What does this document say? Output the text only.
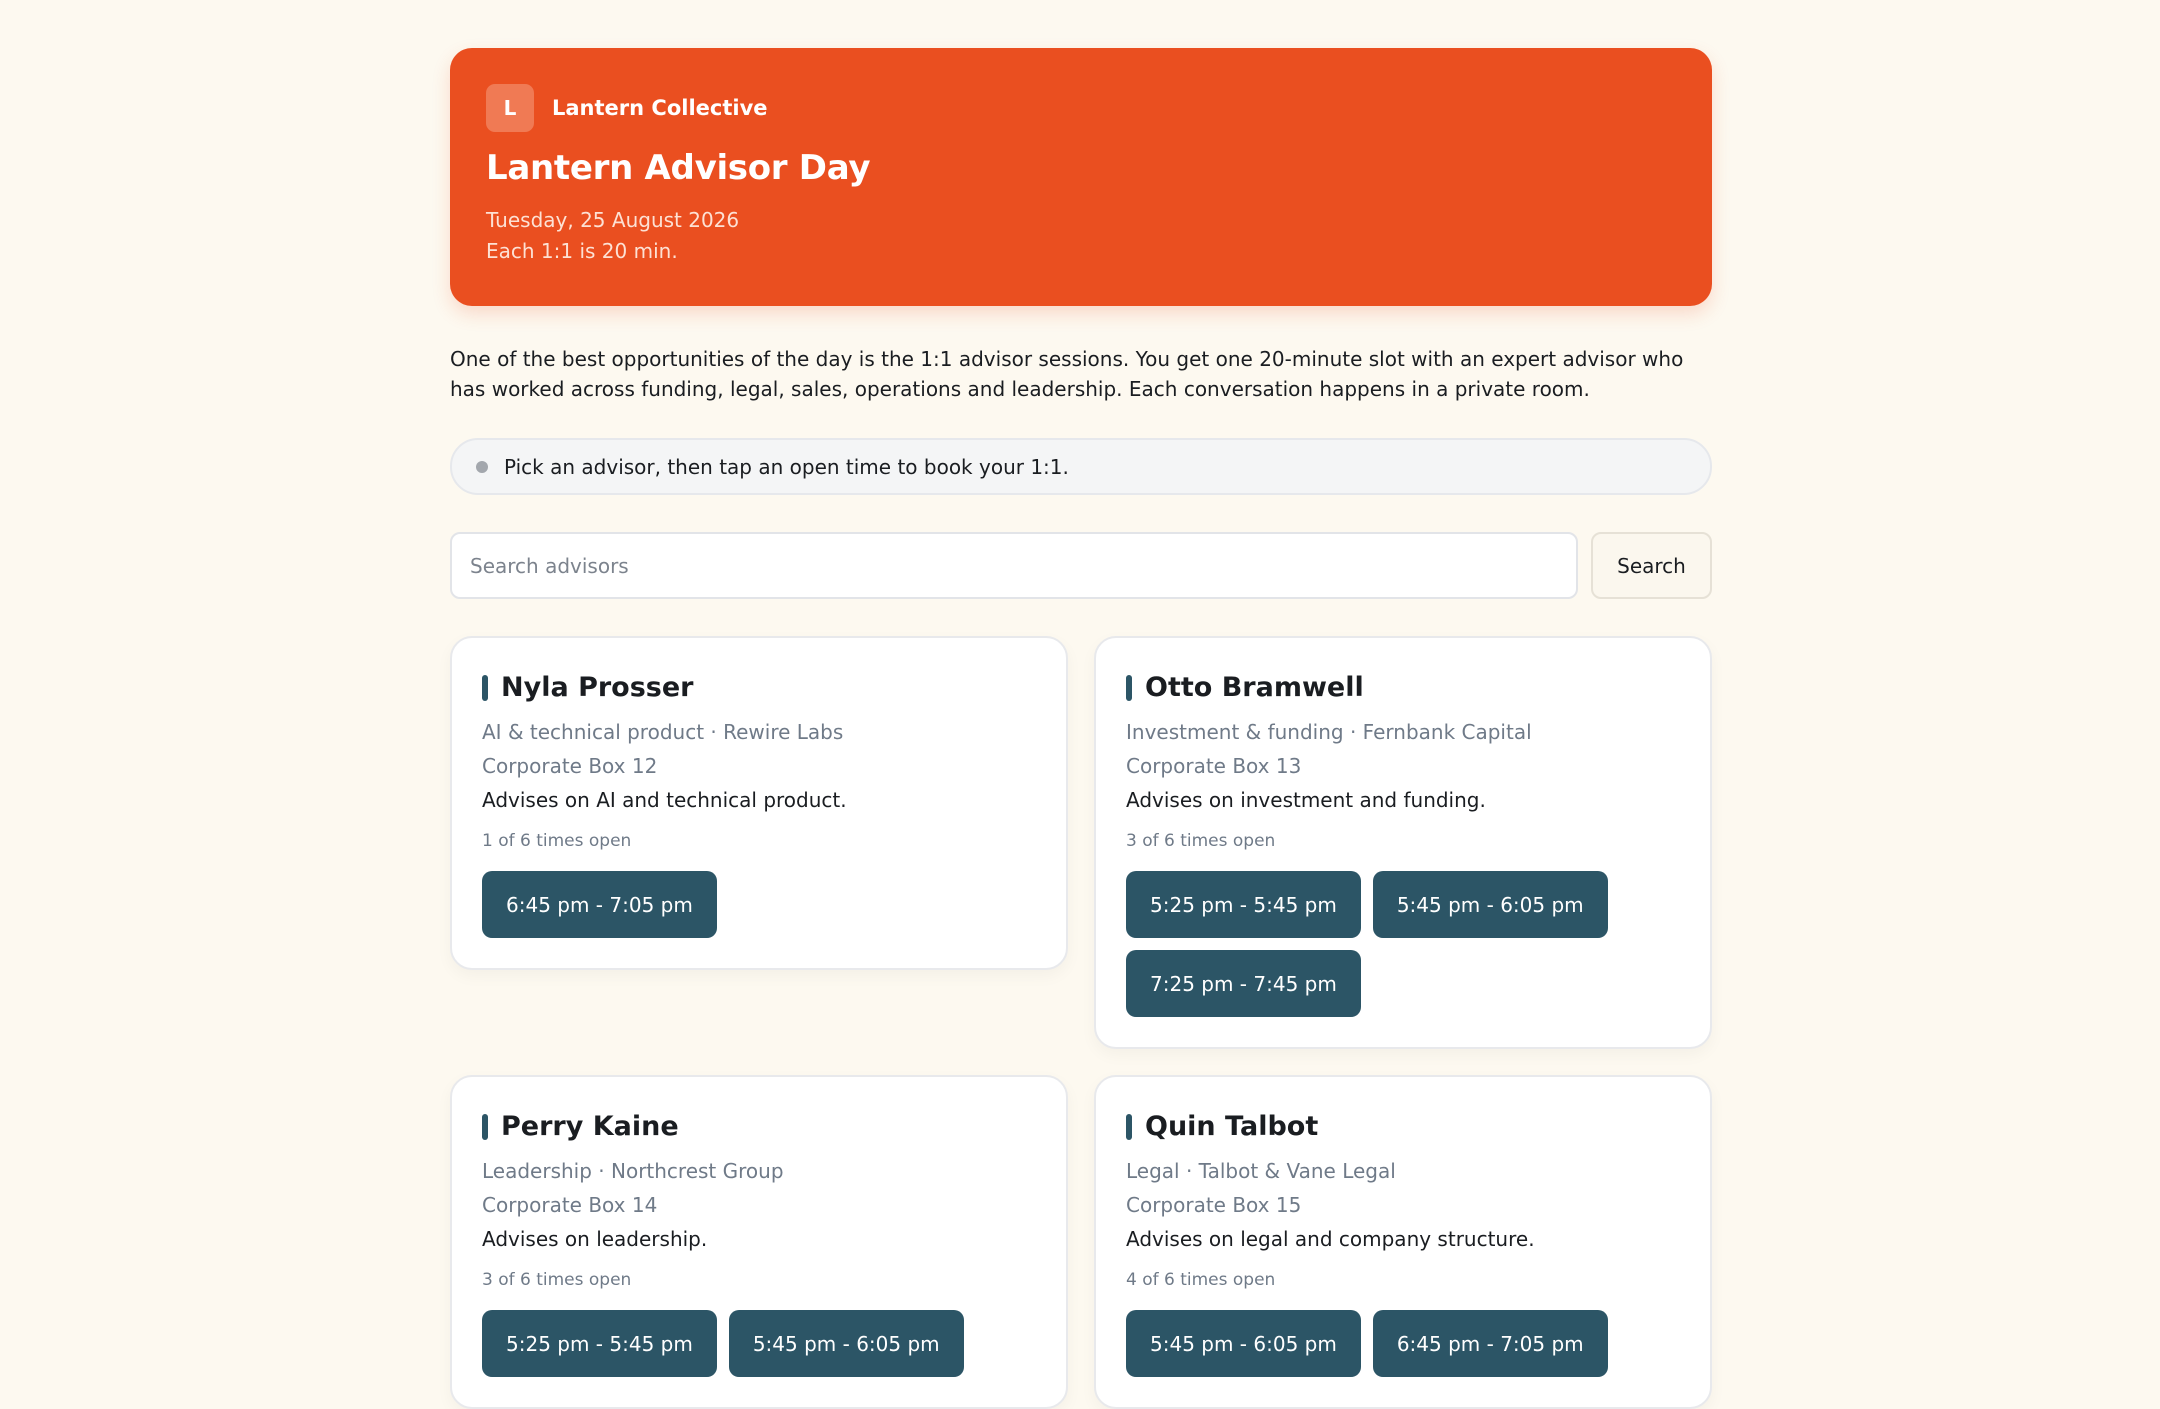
L	Lantern Collective
Lantern Advisor Day
Tuesday, 25 August 2026
Each 1:1 is 20 min.

One of the best opportunities of the day is the 1:1 advisor sessions. You get one 20-minute slot with an expert advisor who has worked across funding, legal, sales, operations and leadership. Each conversation happens in a private room.

Pick an advisor, then tap an open time to book your 1:1.
Search advisors
Search
Nyla Prosser
AI & technical product · Rewire Labs
Corporate Box 12
Advises on AI and technical product.
1 of 6 times open
6:45 pm - 7:05 pm
Otto Bramwell
Investment & funding · Fernbank Capital
Corporate Box 13
Advises on investment and funding.
3 of 6 times open
5:25 pm - 5:45 pm	5:45 pm - 6:05 pm
7:25 pm - 7:45 pm
Perry Kaine
Leadership · Northcrest Group
Corporate Box 14
Advises on leadership.
3 of 6 times open
5:25 pm - 5:45 pm	5:45 pm - 6:05 pm
Quin Talbot
Legal · Talbot & Vane Legal
Corporate Box 15
Advises on legal and company structure.
4 of 6 times open
5:45 pm - 6:05 pm	6:45 pm - 7:05 pm
